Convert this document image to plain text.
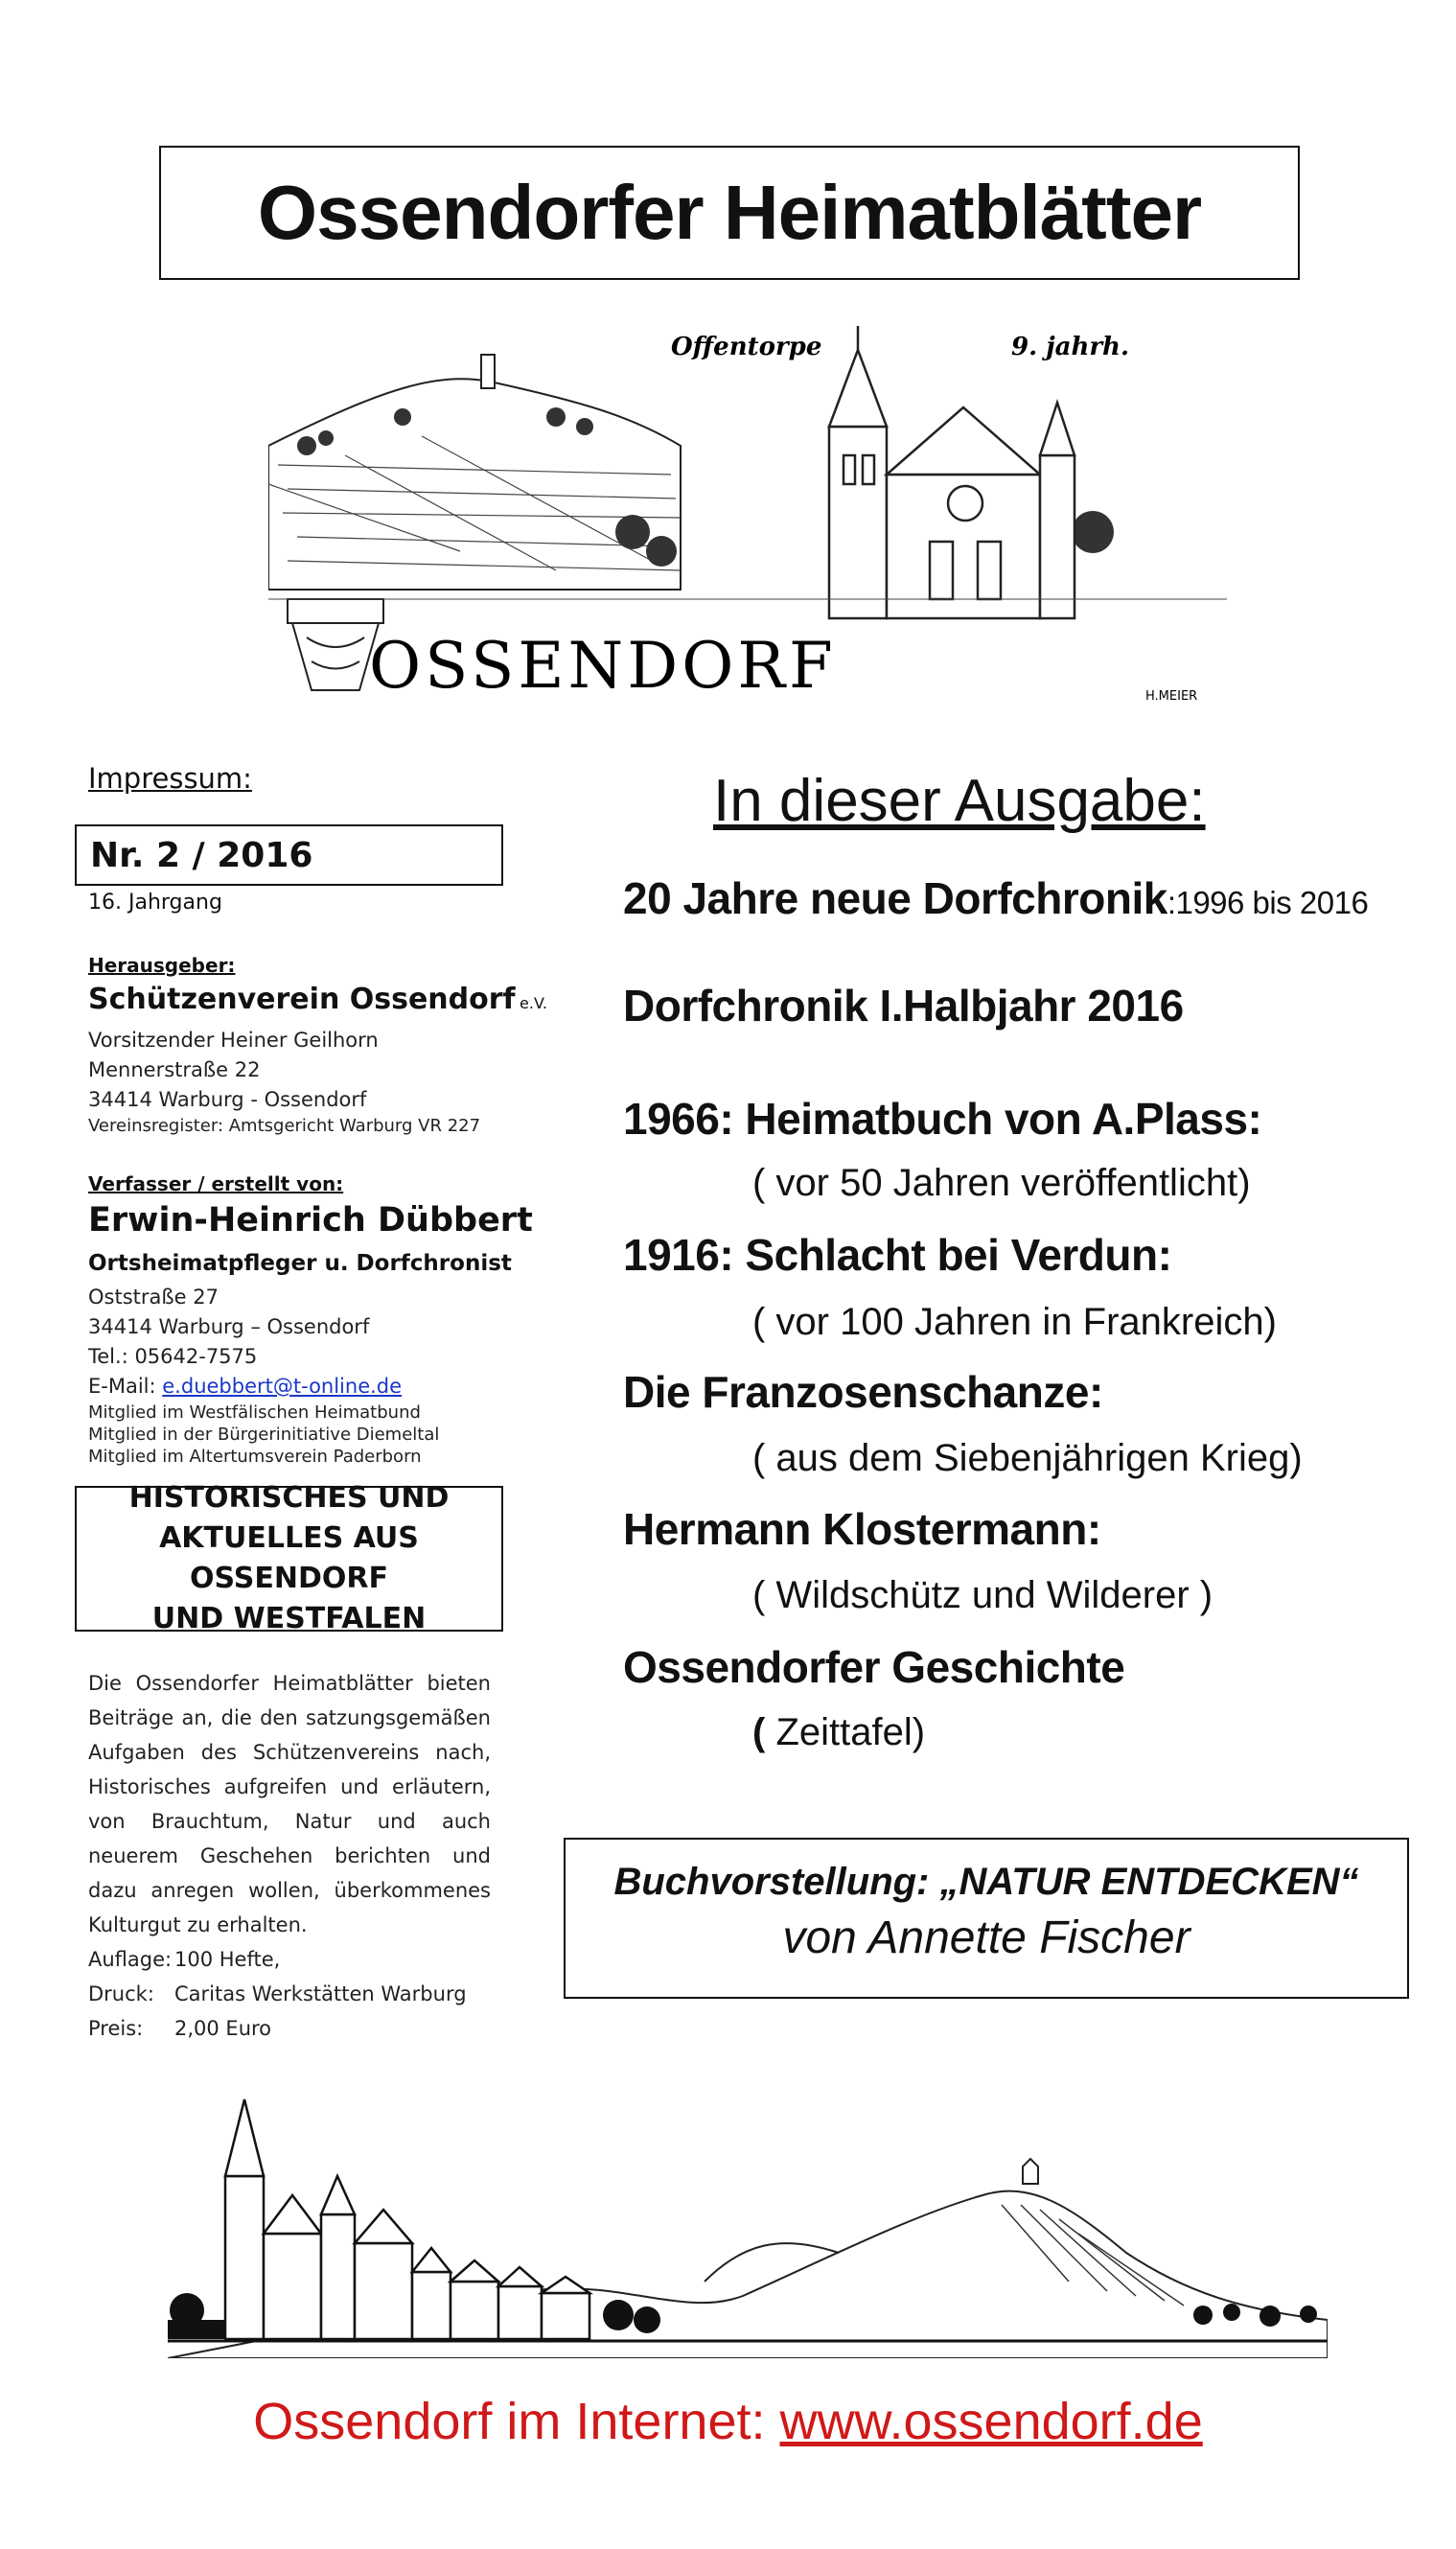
Ossendorfer Heimatblätter
Offentorpe	9. jahrh.
OSSENDORF	H.MEIER
Impressum:
Nr. 2 / 2016
16. Jahrgang
Herausgeber:
Schützenverein Ossendorf e.V.
Vorsitzender Heiner Geilhorn
Mennerstraße 22
34414 Warburg - Ossendorf
Vereinsregister: Amtsgericht Warburg VR 227
Verfasser / erstellt von:
Erwin-Heinrich Dübbert
Ortsheimatpfleger u. Dorfchronist
Oststraße 27
34414 Warburg – Ossendorf
Tel.: 05642-7575
E-Mail: e.duebbert@t-online.de
Mitglied im Westfälischen Heimatbund
Mitglied in der Bürgerinitiative Diemeltal
Mitglied im Altertumsverein Paderborn
HISTORISCHES UND
AKTUELLES AUS OSSENDORF
UND WESTFALEN
Die Ossendorfer Heimatblätter bieten Beiträge an, die den satzungsgemäßen Aufgaben des Schützenvereins nach, Historisches aufgreifen und erläutern, von Brauchtum, Natur und auch neuerem Geschehen berichten und dazu anregen wollen, überkommenes Kulturgut zu erhalten.
Auflage: 100 Hefte,
Druck: Caritas Werkstätten Warburg
Preis: 2,00 Euro
In dieser Ausgabe:
20 Jahre neue Dorfchronik:1996 bis 2016
Dorfchronik I.Halbjahr 2016
1966: Heimatbuch von A.Plass:
( vor 50 Jahren veröffentlicht)
1916: Schlacht bei Verdun:
( vor 100 Jahren in Frankreich)
Die Franzosenschanze:
( aus dem Siebenjährigen Krieg)
Hermann Klostermann:
( Wildschütz und Wilderer )
Ossendorfer Geschichte
( Zeittafel)
Buchvorstellung: „NATUR ENTDECKEN“
von Annette Fischer
Ossendorf im Internet: www.ossendorf.de
